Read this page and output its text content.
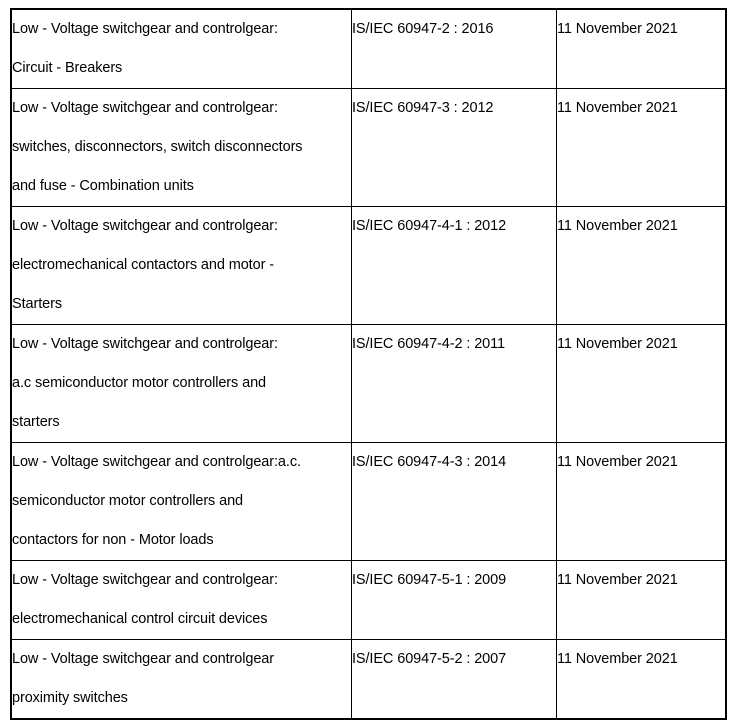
Low - Voltage switchgear and controlgear:
Circuit - Breakers	IS/IEC 60947-2 : 2016	11 November 2021

Low - Voltage switchgear and controlgear:
switches, disconnectors, switch disconnectors
and fuse - Combination units	IS/IEC 60947-3 : 2012	11 November 2021

Low - Voltage switchgear and controlgear:
electromechanical contactors and motor -
Starters	IS/IEC 60947-4-1 : 2012	11 November 2021

Low - Voltage switchgear and controlgear:
a.c semiconductor motor controllers and
starters	IS/IEC 60947-4-2 : 2011	11 November 2021

Low - Voltage switchgear and controlgear:a.c.
semiconductor motor controllers and
contactors for non - Motor loads	IS/IEC 60947-4-3 : 2014	11 November 2021

Low - Voltage switchgear and controlgear:
electromechanical control circuit devices	IS/IEC 60947-5-1 : 2009	11 November 2021

Low - Voltage switchgear and controlgear
proximity switches	IS/IEC 60947-5-2 : 2007	11 November 2021
